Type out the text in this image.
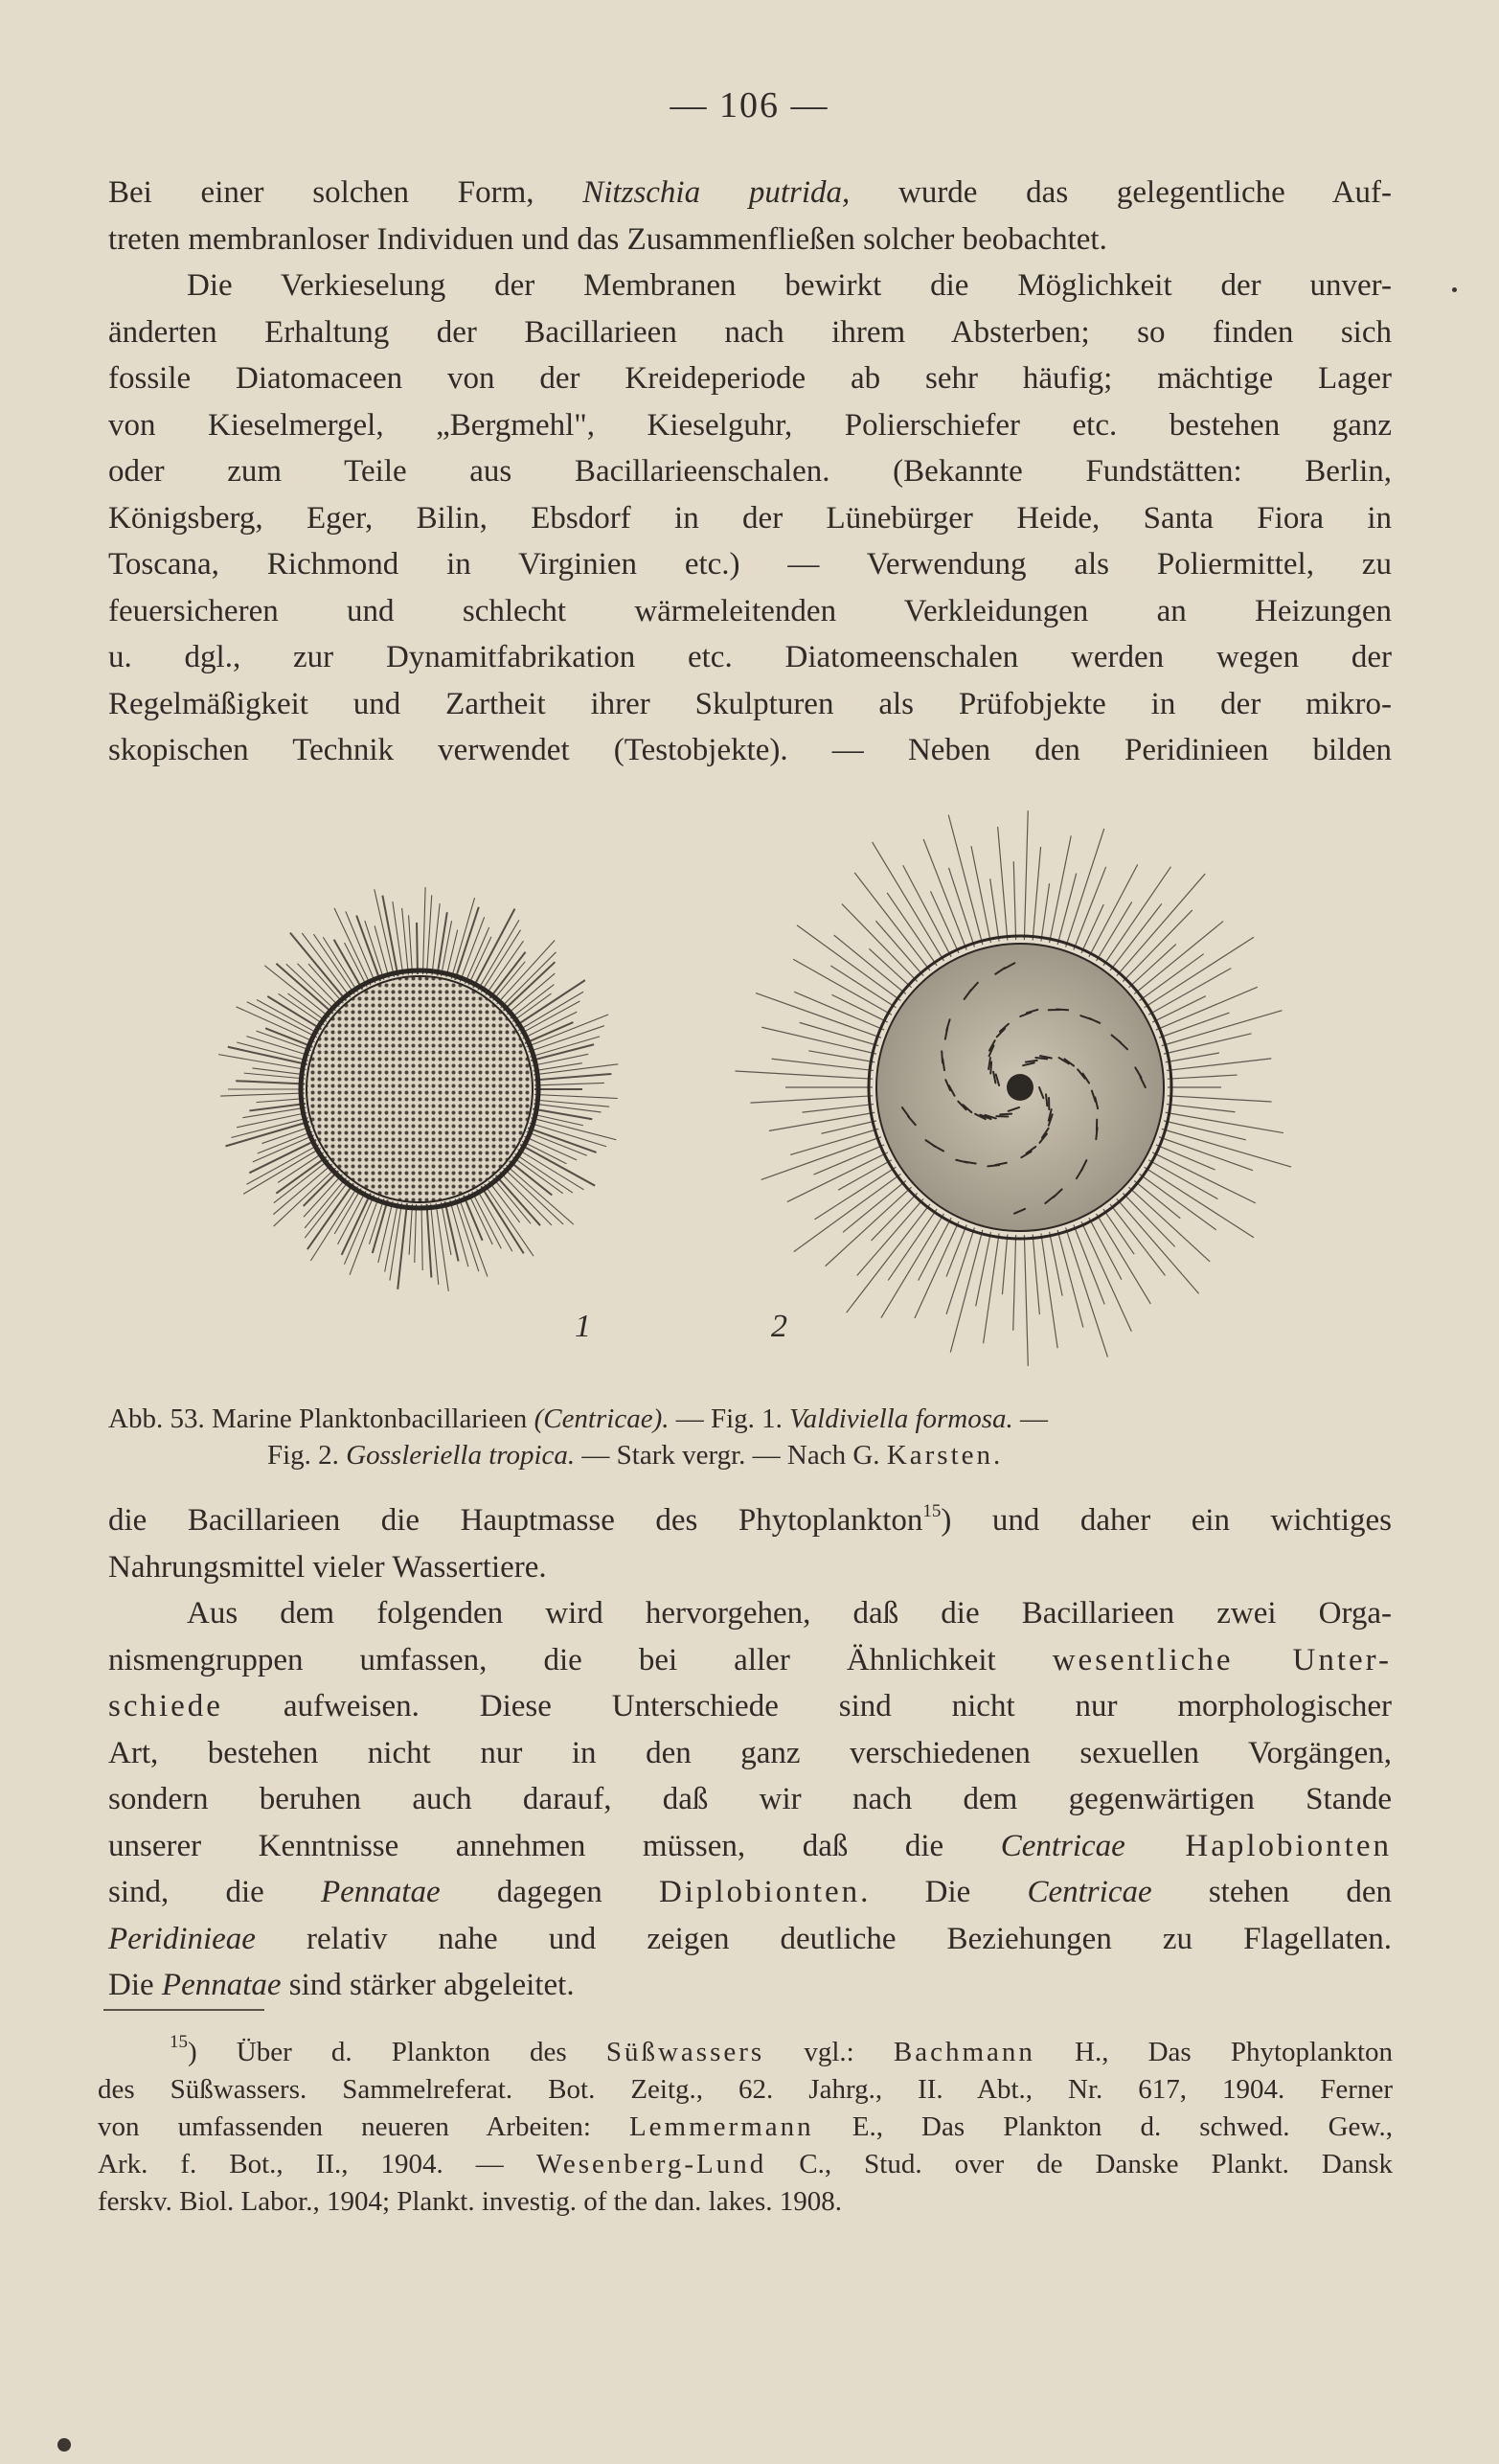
— 106 —
Bei einer solchen Form, Nitzschia putrida, wurde das gelegentliche Auf-
treten membranloser Individuen und das Zusammenfließen solcher beobachtet.
Die Verkieselung der Membranen bewirkt die Möglichkeit der unver-
änderten Erhaltung der Bacillarieen nach ihrem Absterben; so finden sich
fossile Diatomaceen von der Kreideperiode ab sehr häufig; mächtige Lager
von Kieselmergel, „Bergmehl", Kieselguhr, Polierschiefer etc. bestehen ganz
oder zum Teile aus Bacillarieenschalen. (Bekannte Fundstätten: Berlin,
Königsberg, Eger, Bilin, Ebsdorf in der Lünebürger Heide, Santa Fiora in
Toscana, Richmond in Virginien etc.) — Verwendung als Poliermittel, zu
feuersicheren und schlecht wärmeleitenden Verkleidungen an Heizungen
u. dgl., zur Dynamitfabrikation etc. Diatomeenschalen werden wegen der
Regelmäßigkeit und Zartheit ihrer Skulpturen als Prüfobjekte in der mikro-
skopischen Technik verwendet (Testobjekte). — Neben den Peridinieen bilden
1	2
Abb. 53. Marine Planktonbacillarieen (Centricae). — Fig. 1. Valdiviella formosa. —
Fig. 2. Gossleriella tropica. — Stark vergr. — Nach G. Karsten.
die Bacillarieen die Hauptmasse des Phytoplankton$^{15}$) und daher ein wichtiges
Nahrungsmittel vieler Wassertiere.
Aus dem folgenden wird hervorgehen, daß die Bacillarieen zwei Orga-
nismengruppen umfassen, die bei aller Ähnlichkeit wesentliche Unter-
schiede aufweisen. Diese Unterschiede sind nicht nur morphologischer
Art, bestehen nicht nur in den ganz verschiedenen sexuellen Vorgängen,
sondern beruhen auch darauf, daß wir nach dem gegenwärtigen Stande
unserer Kenntnisse annehmen müssen, daß die Centricae Haplobionten
sind, die Pennatae dagegen Diplobionten. Die Centricae stehen den
Peridinieae relativ nahe und zeigen deutliche Beziehungen zu Flagellaten.
Die Pennatae sind stärker abgeleitet.
$^{15}$) Über d. Plankton des Süßwassers vgl.: Bachmann H., Das Phytoplankton
des Süßwassers. Sammelreferat. Bot. Zeitg., 62. Jahrg., II. Abt., Nr. 617, 1904. Ferner
von umfassenden neueren Arbeiten: Lemmermann E., Das Plankton d. schwed. Gew.,
Ark. f. Bot., II., 1904. — Wesenberg-Lund C., Stud. over de Danske Plankt. Dansk
ferskv. Biol. Labor., 1904; Plankt. investig. of the dan. lakes. 1908.
